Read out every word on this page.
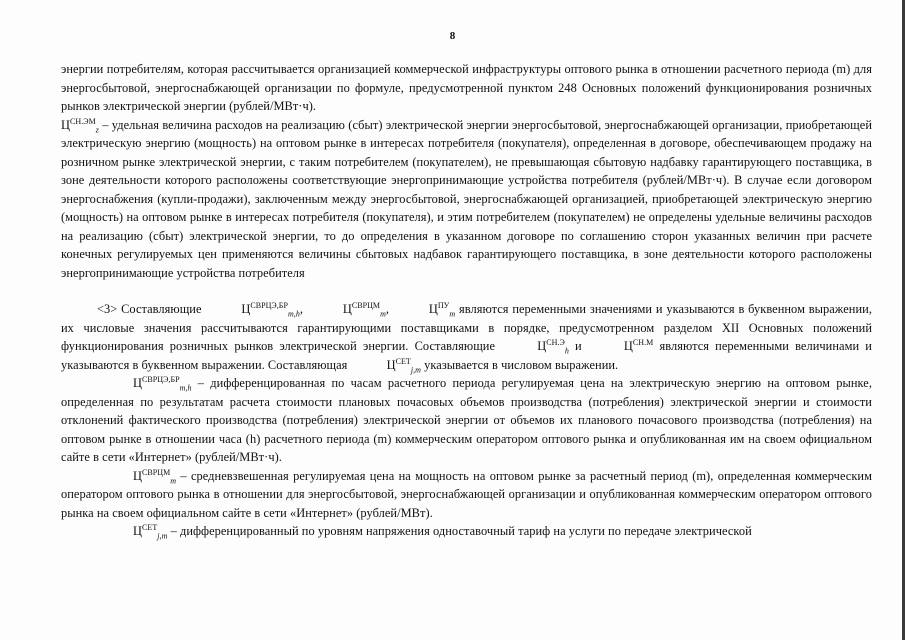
8

энергии потребителям, которая рассчитывается организацией коммерческой инфраструктуры оптового рынка в отношении расчетного периода (m) для энергосбытовой, энергоснабжающей организации по формуле, предусмотренной пунктом 248 Основных положений функционирования розничных рынков электрической энергии (рублей/МВт·ч).

$Ц^{СН.ЭМ}_z$ – удельная величина расходов на реализацию (сбыт) электрической энергии энергосбытовой, энергоснабжающей организации, приобретающей электрическую энергию (мощность) на оптовом рынке в интересах потребителя (покупателя), определенная в договоре, обеспечивающем продажу на розничном рынке электрической энергии, с таким потребителем (покупателем), не превышающая сбытовую надбавку гарантирующего поставщика, в зоне деятельности которого расположены соответствующие энергопринимающие устройства потребителя (рублей/МВт·ч). В случае если договором энергоснабжения (купли-продажи), заключенным между энергосбытовой, энергоснабжающей организацией, приобретающей электрическую энергию (мощность) на оптовом рынке в интересах потребителя (покупателя), и этим потребителем (покупателем) не определены удельные величины расходов на реализацию (сбыт) электрической энергии, то до определения в указанном договоре по соглашению сторон указанных величин при расчете конечных регулируемых цен применяются величины сбытовых надбавок гарантирующего поставщика, в зоне деятельности которого расположены энергопринимающие устройства потребителя

<3> Составляющие	$Ц^{СВРЦЭ,БР}_{m,h}$,	$Ц^{СВРЦМ}_m$,	$Ц^{ПУ}_m$ являются переменными значениями и указываются в буквенном выражении, их числовые значения рассчитываются гарантирующими поставщиками в порядке, предусмотренном разделом XII Основных положений функционирования розничных рынков электрической энергии. Составляющие	$Ц^{СН.Э}_h$ и	$Ц^{СН.М}$ являются переменными величинами и указываются в буквенном выражении. Составляющая	$Ц^{СЕТ}_{j,m}$ указывается в числовом выражении.

$Ц^{СВРЦЭ,БР}_{m,h}$ – дифференцированная по часам расчетного периода регулируемая цена на электрическую энергию на оптовом рынке, определенная по результатам расчета стоимости плановых почасовых объемов производства (потребления) электрической энергии и стоимости отклонений фактического производства (потребления) электрической энергии от объемов их планового почасового производства (потребления) на оптовом рынке в отношении часа (h) расчетного периода (m) коммерческим оператором оптового рынка и опубликованная им на своем официальном сайте в сети «Интернет» (рублей/МВт·ч).

$Ц^{СВРЦМ}_m$ – средневзвешенная регулируемая цена на мощность на оптовом рынке за расчетный период (m), определенная коммерческим оператором оптового рынка в отношении для энергосбытовой, энергоснабжающей организации и опубликованная коммерческим оператором оптового рынка на своем официальном сайте в сети «Интернет» (рублей/МВт).

$Ц^{СЕТ}_{j,m}$ – дифференцированный по уровням напряжения одноставочный тариф на услуги по передаче электрической
